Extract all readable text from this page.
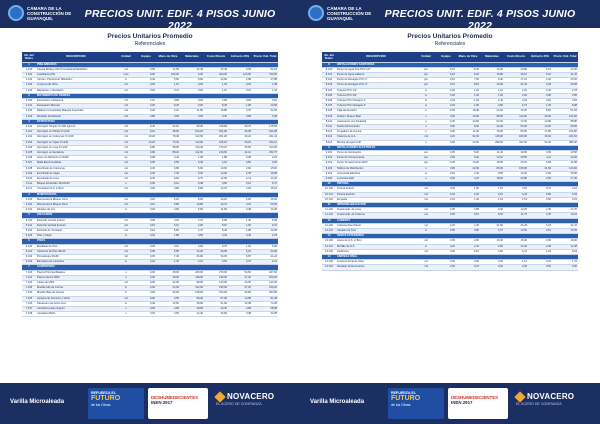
CÁMARA DE LA CONSTRUCCIÓN DE GUAYAQUIL	PRECIOS UNIT. EDIF. 4 PISOS JUNIO 2022
CÁMARA DE LA CONSTRUCCIÓN DE GUAYAQUIL	PRECIOS UNIT. EDIF. 4 PISOS JUNIO 2022
Precios Unitarios Promedio
Referenciales
No. del Rubro	DESCRIPCIÓN	Unidad	Equipo	Mano de Obra	Materiales	Costo Directo	Indirecto 20%	Precio Unit. Total
1	PRELIMINARES							
1.100	Caseta Bodeg.-Ofic.Prov.Madera/Tabla/Zinc	m2	0,50	12,50	32,45	45,45	9,09	54,54
1.101	Guardianía (8h)	mes	0,00	620,00	0,00	620,00	124,00	744,00
1.102	Cerram. Provisional Tabla/Zinc	m	0,40	5,60	8,90	14,90	2,98	17,88
1.103	Limpieza de Obra	m2	0,05	1,10	0,00	1,15	0,23	1,38
1.104	Replanteo y Nivelación	m2	0,18	0,72	0,20	1,10	0,22	1,32
2	MOVIMIENTO DE TIERRAS							
2.100	Excavación a Máquina	m3	2,10	0,85	0,00	2,95	0,59	3,54
2.101	Excavación Manual	m3	0,00	8,40	0,00	8,40	1,68	10,08
2.102	Relleno Compactado Material Importado	m3	3,20	4,10	11,50	18,80	3,76	22,56
2.103	Desalojo de Material	m3	2,80	0,60	0,00	3,40	0,68	4,08
3	ESTRUCTURA							
3.100	Hormigón Simple f'c=180 kg/cm2	m3	8,40	42,10	98,30	148,80	29,76	178,56
3.101	Hormigón en Plintos f'c=210	m3	9,10	48,60	104,20	161,90	32,38	194,28
3.102	Hormigón en Columnas f'c=240	m3	10,20	78,40	112,60	201,20	40,24	241,44
3.103	Hormigón en Vigas f'c=240	m3	10,20	72,30	112,60	195,10	39,02	234,12
3.104	Hormigón en Losa f'c=240	m3	9,80	58,90	110,40	179,10	35,82	214,92
3.105	Hormigón en Escaleras	m3	9,80	88,20	112,60	210,60	42,12	252,72
3.106	Acero de Refuerzo fy=4200	kg	0,08	0,42	1,38	1,88	0,38	2,26
3.107	Malla Electrosoldada	m2	0,05	0,65	3,40	4,10	0,82	4,92
3.108	Encofrado de Columnas	m2	0,30	6,80	5,90	13,00	2,60	15,60
3.109	Encofrado de Vigas	m2	0,30	7,40	6,20	13,90	2,78	16,68
3.110	Encofrado de Losa	m2	0,45	5,90	5,70	12,05	2,41	14,46
3.111	Bloque Alivianado 15x20x40	u	0,00	0,12	0,48	0,60	0,12	0,72
3.112	Contrapiso H.S. e=6cm	m2	0,30	3,80	8,60	12,70	2,54	15,24
4	MAMPOSTERÍA							
4.100	Mampostería Bloque 10cm	m2	0,10	5,10	8,90	14,10	2,82	16,92
4.101	Mampostería Bloque 15cm	m2	0,12	5,80	10,80	16,72	3,34	20,06
4.102	Dinteles de H.A.	m	0,20	4,80	6,90	11,90	2,38	14,28
5	ENLUCIDOS							
5.100	Enlucido Vertical Interior	m2	0,08	4,20	2,70	6,98	1,40	8,38
5.101	Enlucido Vertical Exterior	m2	0,10	5,10	2,90	8,10	1,62	9,72
5.102	Enlucido de Tumbado	m2	0,10	5,60	2,70	8,40	1,68	10,08
5.103	Filos y Fajas	m	0,02	1,80	0,50	2,32	0,46	2,78
6	PISOS							
6.100	Masillado de Piso	m2	0,05	3,10	2,60	5,75	1,15	6,90
6.101	Cerámica de Piso 40x40	m2	0,05	5,80	14,20	20,05	4,01	24,06
6.102	Porcelanato 60x60	m2	0,05	7,40	26,90	34,35	6,87	41,22
6.103	Barredera de Cerámica	m	0,01	1,40	2,10	3,51	0,70	4,21
7	CARPINTERÍA							
7.100	Puerta Principal Madera	u	0,00	28,00	245,00	273,00	54,60	327,60
7.101	Puerta Interior MDF	u	0,00	18,00	118,00	136,00	27,20	163,20
7.102	Closet de MDF	m2	0,00	22,00	98,00	120,00	24,00	144,00
7.103	Mueble Alto de Cocina	m	0,00	24,00	112,00	136,00	27,20	163,20
7.104	Mueble Bajo de Cocina	m	0,00	26,00	128,00	154,00	30,80	184,80
7.105	Ventana de Aluminio y Vidrio	m2	0,00	9,50	58,40	67,90	13,58	81,48
7.106	Pasamano de Acero Inox.	m	0,40	12,60	48,90	61,90	12,38	74,28
7.107	Cerradura Llave-Seguro	u	0,00	4,50	18,90	23,40	4,68	28,08
7.108	Cerradura Baño	u	0,00	4,50	12,40	16,90	3,38	20,28
Precios Unitarios Promedio
Referenciales
No. del Rubro	DESCRIPCIÓN	Unidad	Equipo	Mano de Obra	Materiales	Costo Directo	Indirecto 20%	Precio Unit. Total
8	INSTALACIONES SANITARIAS							
8.100	Punto de Agua Fría PVC 1/2"	pto	0,10	8,40	12,30	20,80	4,16	24,96
8.101	Punto de Agua Caliente	pto	0,10	9,20	16,80	26,10	5,22	31,32
8.102	Punto de Desagüe PVC 2"	pto	0,10	7,60	9,40	17,10	3,42	20,52
8.103	Punto de Desagüe PVC 4"	pto	0,10	8,10	13,20	21,40	4,28	25,68
8.104	Tubería PVC 1/2"	m	0,02	1,20	1,10	2,32	0,46	2,78
8.105	Tubería PVC 3/4"	m	0,02	1,30	1,60	2,92	0,58	3,50
8.106	Tubería PVC Desagüe 2"	m	0,03	1,60	2,40	4,03	0,81	4,84
8.107	Tubería PVC Desagüe 4"	m	0,03	1,90	4,80	6,73	1,35	8,08
8.108	Caja de Revisión	u	0,20	18,40	24,60	43,20	8,64	51,84
8.109	Inodoro Tanque Bajo	u	0,00	12,00	98,00	110,00	22,00	132,00
8.110	Lavamanos con Pedestal	u	0,00	10,00	64,00	74,00	14,80	88,80
8.111	Ducha Monomando	u	0,00	8,00	42,00	50,00	10,00	60,00
8.112	Fregadero de Cocina	u	0,00	11,00	78,00	89,00	17,80	106,80
8.113	Cisterna de H.A.	m3	4,20	62,40	118,00	184,60	36,92	221,52
8.114	Bomba de Agua 1HP	u	0,00	24,00	298,00	322,00	64,40	386,40
9	INSTALACIONES ELÉCTRICAS							
9.100	Punto de Iluminación	pto	0,05	8,20	11,40	19,65	3,93	23,58
9.101	Punto de Tomacorriente	pto	0,05	8,40	12,10	20,55	4,11	24,66
9.102	Punto Tomacorriente 220V	pto	0,05	10,20	18,90	29,15	5,83	34,98
9.103	Tablero de Distribución	u	0,00	22,00	86,00	108,00	21,60	129,60
9.104	Acometida Eléctrica	m	0,10	3,40	9,80	13,30	2,66	15,96
9.105	Luminaria LED	u	0,00	4,20	18,60	22,80	4,56	27,36
10	PINTURA							
10.100	Pintura Interior	m2	0,02	1,90	1,60	3,52	0,70	4,22
10.101	Pintura Exterior	m2	0,04	2,30	2,10	4,44	0,89	5,33
10.102	Empaste	m2	0,01	1,40	1,10	2,51	0,50	3,01
11	IMPERMEABILIZACIÓN							
11.100	Impermeab. de Losa	m2	0,05	2,80	9,40	12,25	2,45	14,70
11.101	Impermeab. de Cisterna	m2	0,05	3,10	8,60	11,75	2,35	14,10
12	CUBIERTA							
12.100	Cubierta Steel Panel	m2	0,20	4,40	21,60	26,20	5,24	31,44
12.101	Canalón de Tool	m	0,05	2,80	9,70	12,55	2,51	15,06
13	OBRAS EXTERIORES							
13.100	Acera de H.S. e=8cm	m2	0,30	4,60	10,40	15,30	3,06	18,36
13.101	Bordillo de H.S.	m	0,20	3,40	6,80	10,40	2,08	12,48
13.102	Jardinería	m2	0,00	2,10	4,60	6,70	1,34	8,04
14	LIMPIEZA FINAL							
14.100	Limpieza Final de Obra	m2	0,02	0,90	0,20	1,12	0,22	1,34
14.101	Desalojo de Escombros	m3	2,60	0,70	0,00	3,30	0,66	3,96
Varilla Microaleada
REFUERZA EL
FUTURO
de tus Obras
DESHUMEDECIENTES
INEN 2917
NOVACERO
EL ACERO DE CONFIANZA	Varilla Microaleada
REFUERZA EL
FUTURO
de tus Obras
DESHUMEDECIENTES
INEN 2917
NOVACERO
EL ACERO DE CONFIANZA
